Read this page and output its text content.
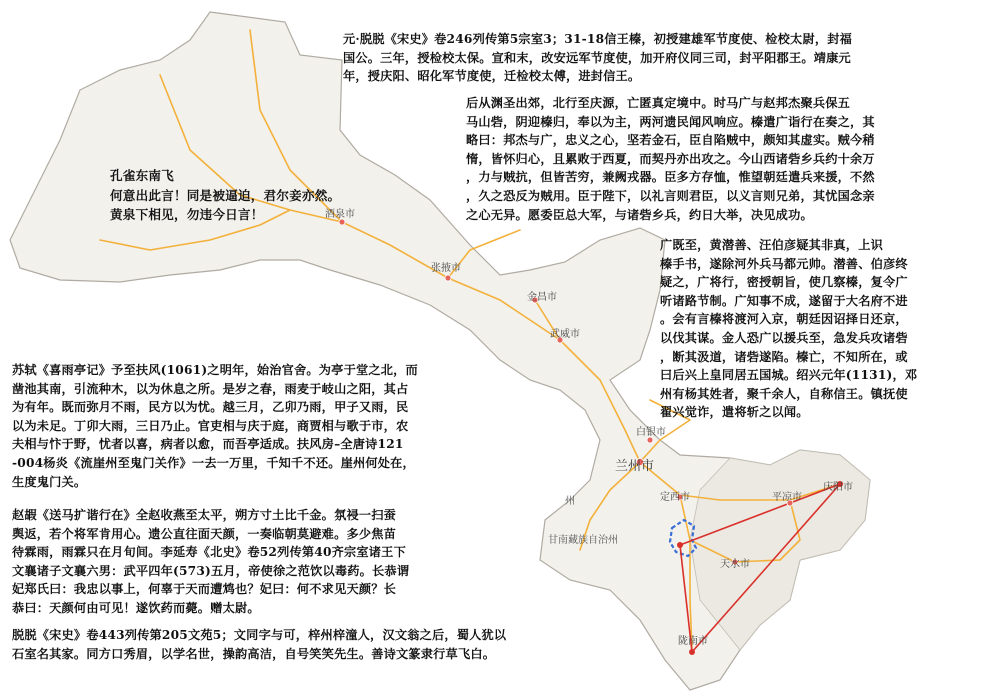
酒泉市
张掖市
金昌市
武威市
白银市
兰州市
定西市	平凉市
庆阳市
天水市
陇南市
甘南藏族自治州
州

元·脱脱《宋史》卷246列传第5宗室3；31-18信王榛，初授建雄军节度使、检校太尉，封福
国公。三年，授检校太保。宣和末，改安远军节度使，加开府仪同三司，封平阳郡王。靖康元
年，授庆阳、昭化军节度使，迁检校太傅，进封信王。

后从渊圣出郊，北行至庆源，亡匿真定境中。时马广与赵邦杰聚兵保五
马山砦，阴迎榛归，奉以为主，两河遗民闻风响应。榛遣广诣行在奏之，其
略曰：邦杰与广，忠义之心，坚若金石，臣自陷贼中，颇知其虚实。贼今稍
惰，皆怀归心，且累败于西夏，而契丹亦出攻之。今山西诸砦乡兵约十余万
，力与贼抗，但皆苦穷，兼阙戎器。臣多方存恤，惟望朝廷遣兵来援，不然
，久之恐反为贼用。臣于陛下，以礼言则君臣，以义言则兄弟，其忧国念亲
之心无异。愿委臣总大军，与诸砦乡兵，约日大举，决见成功。

广既至，黄潜善、汪伯彦疑其非真，上识
榛手书，遂除河外兵马都元帅。潜善、伯彦终
疑之，广将行，密授朝旨，使几察榛，复令广
听诸路节制。广知事不成，遂留于大名府不进
。会有言榛将渡河入京，朝廷因诏择日还京，
以伐其谋。金人恐广以援兵至，急发兵攻诸砦
，断其汲道，诸砦遂陷。榛亡，不知所在，或
曰后兴上皇同居五国城。绍兴元年(1131)，邓
州有杨其姓者，聚千余人，自称信王。镇抚使
翟兴觉诈，遣将斩之以闻。

孔雀东南飞
何意出此言！同是被逼迫，君尔妾亦然。
黄泉下相见，勿违今日言！

苏轼《喜雨亭记》予至扶风(1061)之明年，始治官舍。为亭于堂之北，而
凿池其南，引流种木，以为休息之所。是岁之春，雨麦于岐山之阳，其占
为有年。既而弥月不雨，民方以为忧。越三月，乙卯乃雨，甲子又雨，民
以为未足。丁卯大雨，三日乃止。官吏相与庆于庭，商贾相与歌于市，农
夫相与忭于野，忧者以喜，病者以愈，而吾亭适成。扶风房–全唐诗121
-004杨炎《流崖州至鬼门关作》一去一万里，千知千不还。崖州何处在，
生度鬼门关。

赵嘏《送马扩谐行在》全赵收燕至太平，朔方寸土比千金。氛祲一扫蚕
舆返，若个将军肯用心。遗公直往面天颜，一奏临朝莫避难。多少焦苗
待霖雨，雨霖只在月旬间。李延寿《北史》卷52列传第40齐宗室诸王下
文襄诸子文襄六男：武平四年(573)五月，帝使徐之范饮以毒药。长恭谓
妃郑氏曰：我忠以事上，何辜于天而遭鸩也？妃曰：何不求见天颜？长
恭曰：天颜何由可见！遂饮药而薨。赠太尉。

脱脱《宋史》卷443列传第205文苑5；文同字与可，梓州梓潼人，汉文翁之后，蜀人犹以
石室名其家。同方口秀眉，以学名世，操韵高洁，自号笑笑先生。善诗文篆隶行草飞白。
